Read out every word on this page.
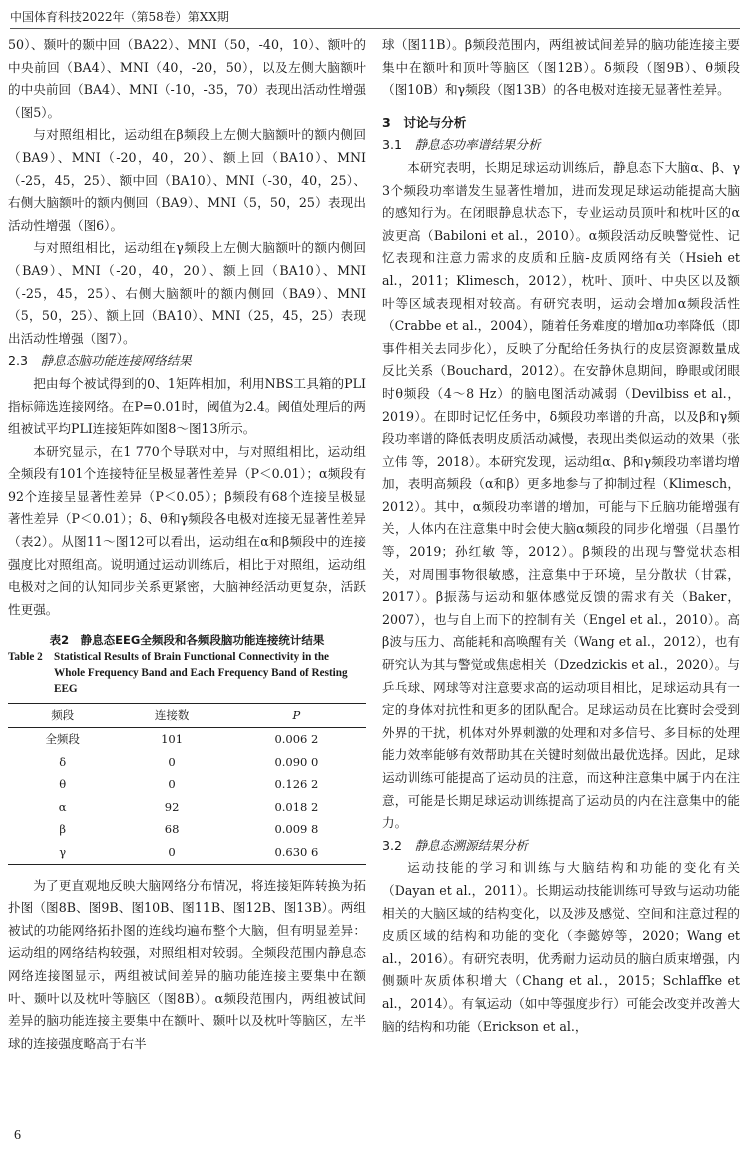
中国体育科技2022年（第58卷）第XX期

50）、颞叶的颞中回（BA22）、MNI（50，-40，10）、额叶的中央前回（BA4）、MNI（40，-20，50），以及左侧大脑额叶的中央前回（BA4）、MNI（-10，-35，70）表现出活动性增强（图5）。

与对照组相比，运动组在β频段上左侧大脑额叶的额内侧回（BA9）、MNI（-20，40，20）、额上回（BA10）、MNI（-25，45，25）、额中回（BA10）、MNI（-30，40，25）、右侧大脑额叶的额内侧回（BA9）、MNI（5，50，25）表现出活动性增强（图6）。

与对照组相比，运动组在γ频段上左侧大脑额叶的额内侧回（BA9）、MNI（-20，40，20）、额上回（BA10）、MNI（-25，45，25）、右侧大脑额叶的额内侧回（BA9）、MNI（5，50，25）、额上回（BA10）、MNI（25，45，25）表现出活动性增强（图7）。

2.3　 静息态脑功能连接网络结果

把由每个被试得到的0、1矩阵相加，利用NBS工具箱的PLI指标筛选连接网络。在P=0.01时，阈值为2.4。阈值处理后的两组被试平均PLI连接矩阵如图8～图13所示。

本研究显示，在1 770个导联对中，与对照组相比，运动组全频段有101个连接特征呈极显著性差异（P＜0.01）；α频段有92个连接呈显著性差异（P＜0.05）；β频段有68个连接呈极显著性差异（P＜0.01）；δ、θ和γ频段各电极对连接无显著性差异（表2）。从图11～图12可以看出，运动组在α和β频段中的连接强度比对照组高。说明通过运动训练后，相比于对照组，运动组电极对之间的认知同步关系更紧密，大脑神经活动更复杂，活跃性更强。

表2　静息态EEG全频段和各频段脑功能连接统计结果
Table 2 Statistical Results of Brain Functional Connectivity in the
Whole Frequency Band and Each Frequency Band of Resting EEG
频段	连接数	P
全频段	101	0.006 2
δ	0	0.090 0
θ	0	0.126 2
α	92	0.018 2
β	68	0.009 8
γ	0	0.630 6

为了更直观地反映大脑网络分布情况，将连接矩阵转换为拓扑图（图8B、图9B、图10B、图11B、图12B、图13B）。两组被试的功能网络拓扑图的连线均遍布整个大脑，但有明显差异：运动组的网络结构较强，对照组相对较弱。全频段范围内静息态网络连接图显示，两组被试间差异的脑功能连接主要集中在额叶、颞叶以及枕叶等脑区（图8B）。α频段范围内，两组被试间差异的脑功能连接主要集中在额叶、颞叶以及枕叶等脑区，左半球的连接强度略高于右半

球（图11B）。β频段范围内，两组被试间差异的脑功能连接主要集中在额叶和顶叶等脑区（图12B）。δ频段（图9B）、θ频段（图10B）和γ频段（图13B）的各电极对连接无显著性差异。

3　 讨论与分析
3.1　 静息态功率谱结果分析

本研究表明，长期足球运动训练后，静息态下大脑α、β、γ 3个频段功率谱发生显著性增加，进而发现足球运动能提高大脑的感知行为。在闭眼静息状态下，专业运动员顶叶和枕叶区的α波更高（Babiloni et al.，2010）。α频段活动反映警觉性、记忆表现和注意力需求的皮质和丘脑-皮质网络有关（Hsieh et al.，2011；Klimesch，2012），枕叶、顶叶、中央区以及额叶等区域表现相对较高。有研究表明，运动会增加α频段活性（Crabbe et al.，2004），随着任务难度的增加α功率降低（即事件相关去同步化），反映了分配给任务执行的皮层资源数量成反比关系（Bouchard，2012）。在安静休息期间，睁眼或闭眼时θ频段（4～8 Hz）的脑电图活动减弱（Devilbiss et al.，2019）。在即时记忆任务中，δ频段功率谱的升高，以及β和γ频段功率谱的降低表明皮质活动减慢，表现出类似运动的效果（张立伟 等，2018）。本研究发现，运动组α、β和γ频段功率谱均增加，表明高频段（α和β）更多地参与了抑制过程（Klimesch，2012）。其中，α频段功率谱的增加，可能与下丘脑功能增强有关，人体内在注意集中时会使大脑α频段的同步化增强（吕墨竹 等，2019；孙红敏 等，2012）。β频段的出现与警觉状态相关，对周围事物很敏感，注意集中于环境，呈分散状（甘霖，2017）。β振荡与运动和躯体感觉反馈的需求有关（Baker，2007），也与自上而下的控制有关（Engel et al.，2010）。高β波与压力、高能耗和高唤醒有关（Wang et al.，2012），也有研究认为其与警觉或焦虑相关（Dzedzickis et al.，2020）。与乒乓球、网球等对注意要求高的运动项目相比，足球运动具有一定的身体对抗性和更多的团队配合。足球运动员在比赛时会受到外界的干扰，机体对外界刺激的处理和对多信号、多目标的处理能力效率能够有效帮助其在关键时刻做出最优选择。因此，足球运动训练可能提高了运动员的注意，而这种注意集中属于内在注意，可能是长期足球运动训练提高了运动员的内在注意集中的能力。

3.2　 静息态溯源结果分析

运动技能的学习和训练与大脑结构和功能的变化有关（Dayan et al.，2011）。长期运动技能训练可导致与运动功能相关的大脑区域的结构变化，以及涉及感觉、空间和注意过程的皮质区域的结构和功能的变化（李懿婷等，2020；Wang et al.，2016）。有研究表明，优秀耐力运动员的脑白质束增强，内侧颞叶灰质体积增大（Chang et al.，2015；Schlaffke et al.，2014）。有氧运动（如中等强度步行）可能会改变并改善大脑的结构和功能（Erickson et al.，

6
